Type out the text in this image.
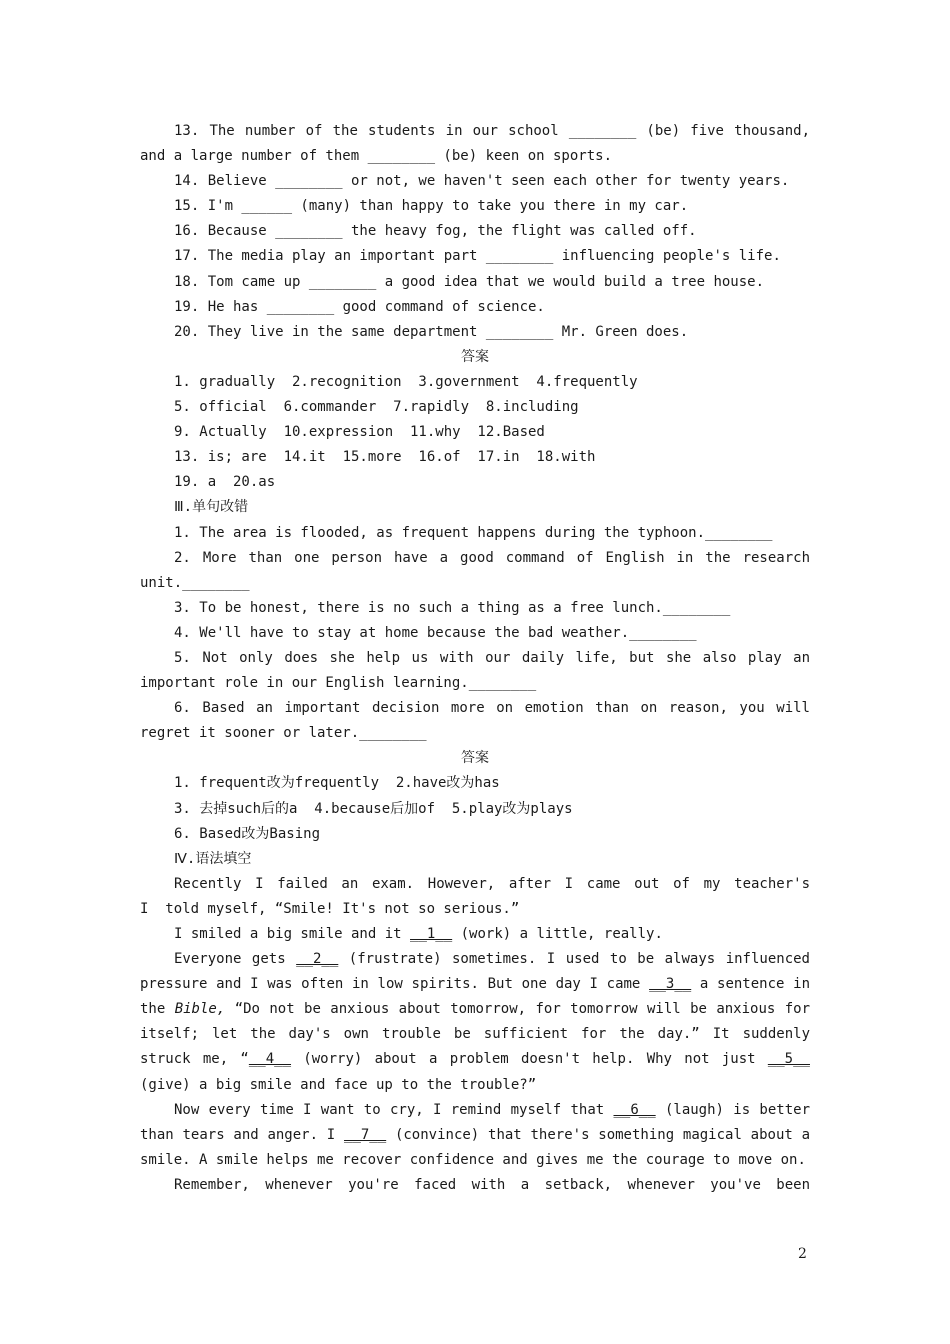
13. The number of the students in our school ________ (be) five thousand,
and a large number of them ________ (be) keen on sports.
14. Believe ________ or not, we haven't seen each other for twenty years.
15. I'm ______ (many) than happy to take you there in my car.
16. Because ________ the heavy fog, the flight was called off.
17. The media play an important part ________ influencing people's life.
18. Tom came up ________ a good idea that we would build a tree house.
19. He has ________ good command of science.
20. They live in the same department ________ Mr. Green does.
答案
1. gradually  2.recognition  3.government  4.frequently
5. official  6.commander  7.rapidly  8.including
9. Actually  10.expression  11.why  12.Based
13. is; are  14.it  15.more  16.of  17.in  18.with
19. a  20.as
Ⅲ.单句改错
1. The area is flooded, as frequent happens during the typhoon.________
2. More than one person have a good command of English in the research
unit.________
3. To be honest, there is no such a thing as a free lunch.________
4. We'll have to stay at home because the bad weather.________
5. Not only does she help us with our daily life, but she also play an
important role in our English learning.________
6. Based an important decision more on emotion than on reason, you will
regret it sooner or later.________
答案
1. frequent改为frequently  2.have改为has
3. 去掉such后的a  4.because后加of  5.play改为plays
6. Based改为Basing
Ⅳ.语法填空
Recently I failed an exam. However, after I came out of my teacher's
I  told myself, “Smile! It's not so serious.”
I smiled a big smile and it __1__ (work) a little, really.
Everyone gets __2__ (frustrate) sometimes. I used to be always influenced
pressure and I was often in low spirits. But one day I came __3__ a sentence in
the Bible, “Do not be anxious about tomorrow, for tomorrow will be anxious for
itself; let the day's own trouble be sufficient for the day.” It suddenly
struck me, “__4__ (worry) about a problem doesn't help. Why not just __5__
(give) a big smile and face up to the trouble?”
Now every time I want to cry, I remind myself that __6__ (laugh) is better
than tears and anger. I __7__ (convince) that there's something magical about a
smile. A smile helps me recover confidence and gives me the courage to move on.
Remember, whenever you're faced with a setback, whenever you've been
2
